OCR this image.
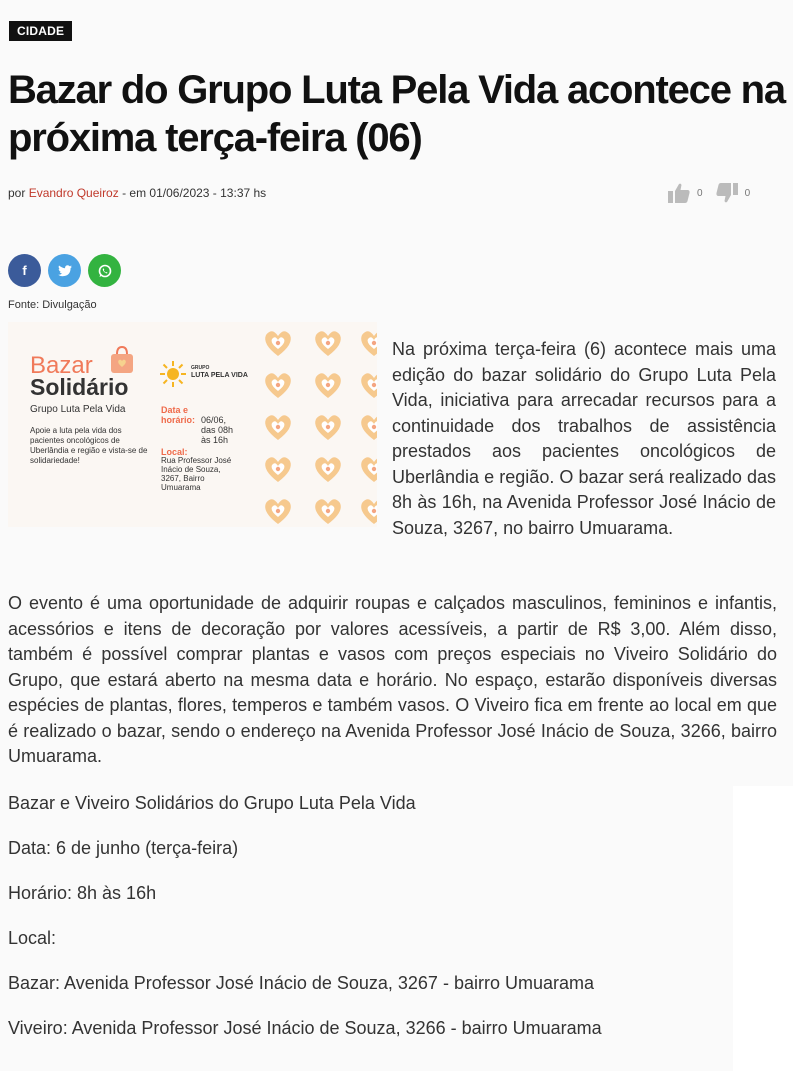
CIDADE
Bazar do Grupo Luta Pela Vida acontece na próxima terça-feira (06)
por Evandro Queiroz - em 01/06/2023 - 13:37 hs	0	0
f
Fonte: Divulgação
Bazar
Solidário
Grupo Luta Pela Vida
Apoie a luta pela vida dos pacientes oncológicos de Uberlândia e região e vista-se de solidariedade!
GRUPO
LUTA PELA VIDA
Data e horário: 06/06, das 08h às 16h
Local:
Rua Professor José Inácio de Souza, 3267, Bairro Umuarama

Na próxima terça-feira (6) acontece mais uma edição do bazar solidário do Grupo Luta Pela Vida, iniciativa para arrecadar recursos para a continuidade dos trabalhos de assistência prestados aos pacientes oncológicos de Uberlândia e região. O bazar será realizado das 8h às 16h, na Avenida Professor José Inácio de Souza, 3267, no bairro Umuarama.

O evento é uma oportunidade de adquirir roupas e calçados masculinos, femininos e infantis, acessórios e itens de decoração por valores acessíveis, a partir de R$ 3,00. Além disso, também é possível comprar plantas e vasos com preços especiais no Viveiro Solidário do Grupo, que estará aberto na mesma data e horário. No espaço, estarão disponíveis diversas espécies de plantas, flores, temperos e também vasos. O Viveiro fica em frente ao local em que é realizado o bazar, sendo o endereço na Avenida Professor José Inácio de Souza, 3266, bairro Umuarama.

Bazar e Viveiro Solidários do Grupo Luta Pela Vida

Data: 6 de junho (terça-feira)

Horário: 8h às 16h

Local:

Bazar: Avenida Professor José Inácio de Souza, 3267 - bairro Umuarama

Viveiro: Avenida Professor José Inácio de Souza, 3266 - bairro Umuarama
